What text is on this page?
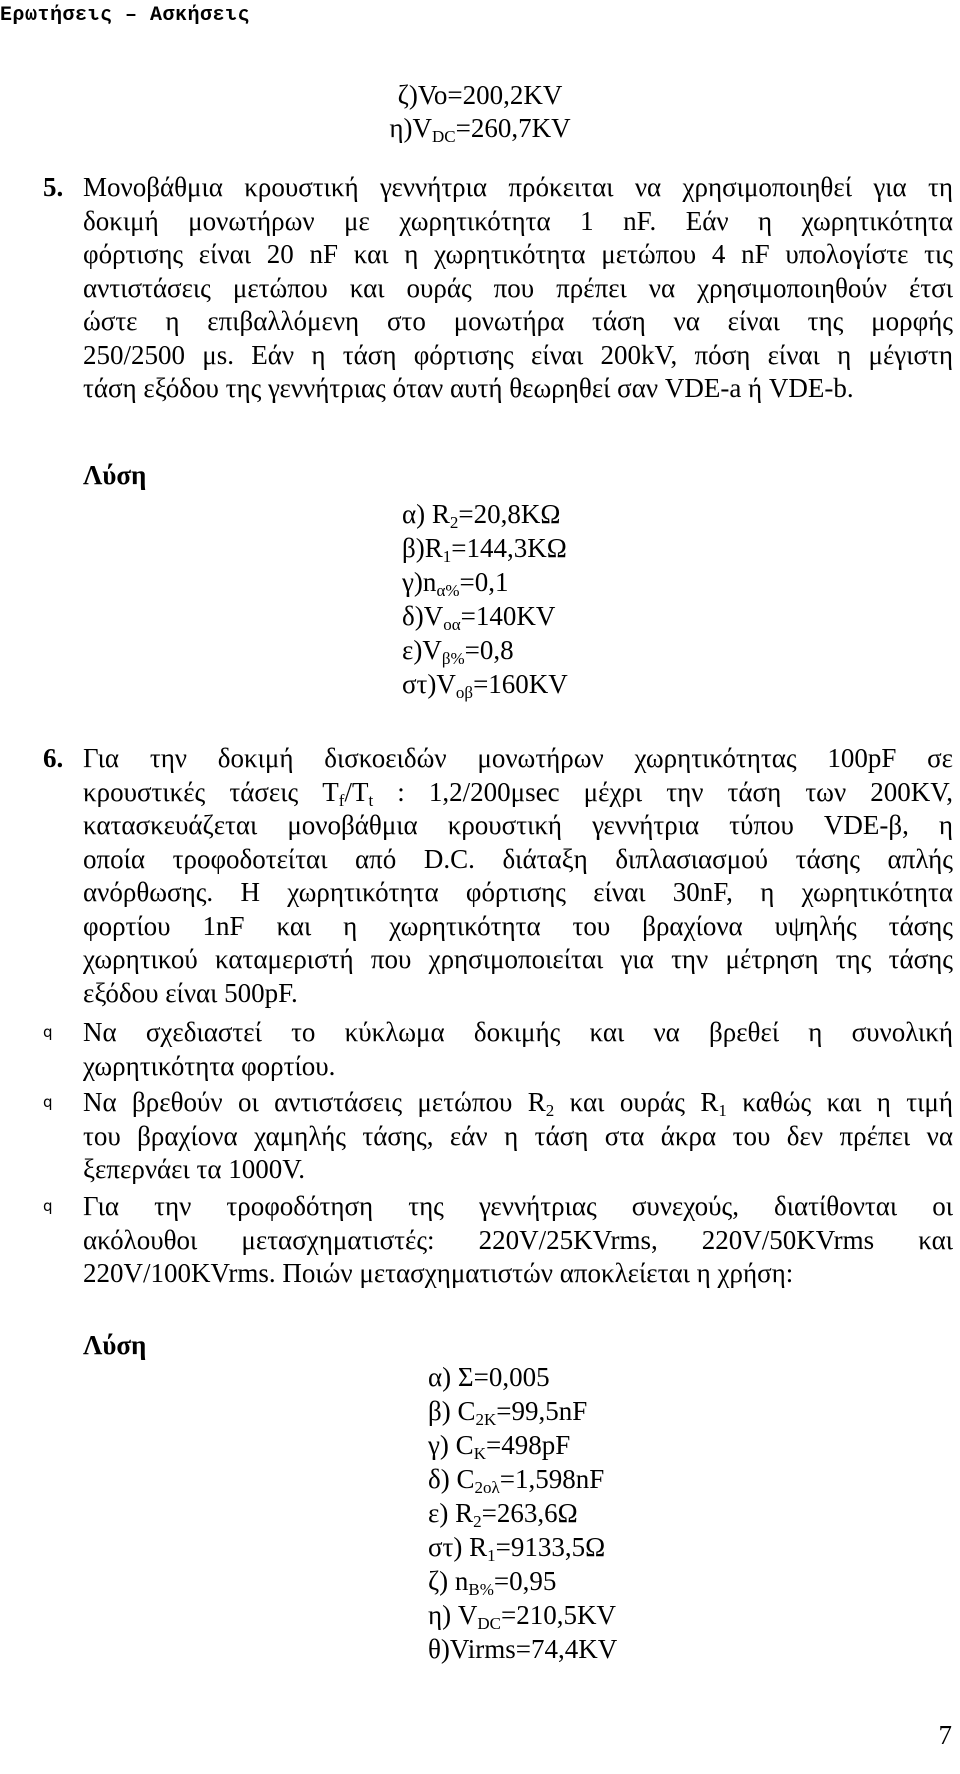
Ερωτήσεις – Ασκήσεις
ζ)Vo=200,2KV
$\eta)V_{DC}=260,7KV$
5. Μονοβάθμια κρουστική γεννήτρια πρόκειται να χρησιμοποιηθεί για τη
δοκιμή μονωτήρων με χωρητικότητα 1 nF. Εάν η χωρητικότητα
φόρτισης είναι 20 nF και η χωρητικότητα μετώπου 4 nF υπολογίστε τις
αντιστάσεις μετώπου και ουράς που πρέπει να χρησιμοποιηθούν έτσι
ώστε η επιβαλλόμενη στο μονωτήρα τάση να είναι της μορφής
250/2500 μs. Εάν η τάση φόρτισης είναι 200kV, πόση είναι η μέγιστη
τάση εξόδου της γεννήτριας όταν αυτή θεωρηθεί σαν VDE-a ή VDE-b.
Λύση
α) $R_2=20,8K\Omega$
$\beta)R_1=144,3K\Omega$
$\gamma)n_{\alpha\%}=0,1$
$\delta)V_{o\alpha}=140KV$
$\varepsilon)V_{\beta\%}=0,8$
$\sigma\tau)V_{o\beta}=160KV$
6. Για την δοκιμή δισκοειδών μονωτήρων χωρητικότητας 100pF σε
κρουστικές τάσεις $T_f/T_t$ : 1,2/200μsec μέχρι την τάση των 200KV,
κατασκευάζεται μονοβάθμια κρουστική γεννήτρια τύπου VDE-β, η
οποία τροφοδοτείται από D.C. διάταξη διπλασιασμού τάσης απλής
ανόρθωσης. Η χωρητικότητα φόρτισης είναι 30nF, η χωρητικότητα
φορτίου 1nF και η χωρητικότητα του βραχίονα υψηλής τάσης
χωρητικού καταμεριστή που χρησιμοποιείται για την μέτρηση της τάσης
εξόδου είναι 500pF.
q Να σχεδιαστεί το κύκλωμα δοκιμής και να βρεθεί η συνολική
χωρητικότητα φορτίου.
q Να βρεθούν οι αντιστάσεις μετώπου $R_2$ και ουράς $R_1$ καθώς και η τιμή
του βραχίονα χαμηλής τάσης, εάν η τάση στα άκρα του δεν πρέπει να
ξεπερνάει τα 1000V.
q Για την τροφοδότηση της γεννήτριας συνεχούς, διατίθονται οι
ακόλουθοι μετασχηματιστές: 220V/25KVrms, 220V/50KVrms και
220V/100KVrms. Ποιών μετασχηματιστών αποκλείεται η χρήση:
Λύση
α) Σ=0,005
β) $C_{2K}=99,5nF$
γ) $C_K=498pF$
δ) $C_{2o\lambda}=1,598nF$
ε) $R_2=263,6\Omega$
στ) $R_1=9133,5\Omega$
ζ) $n_{B\%}=0,95$
η) $V_{DC}=210,5KV$
θ)Virms=74,4KV
7
